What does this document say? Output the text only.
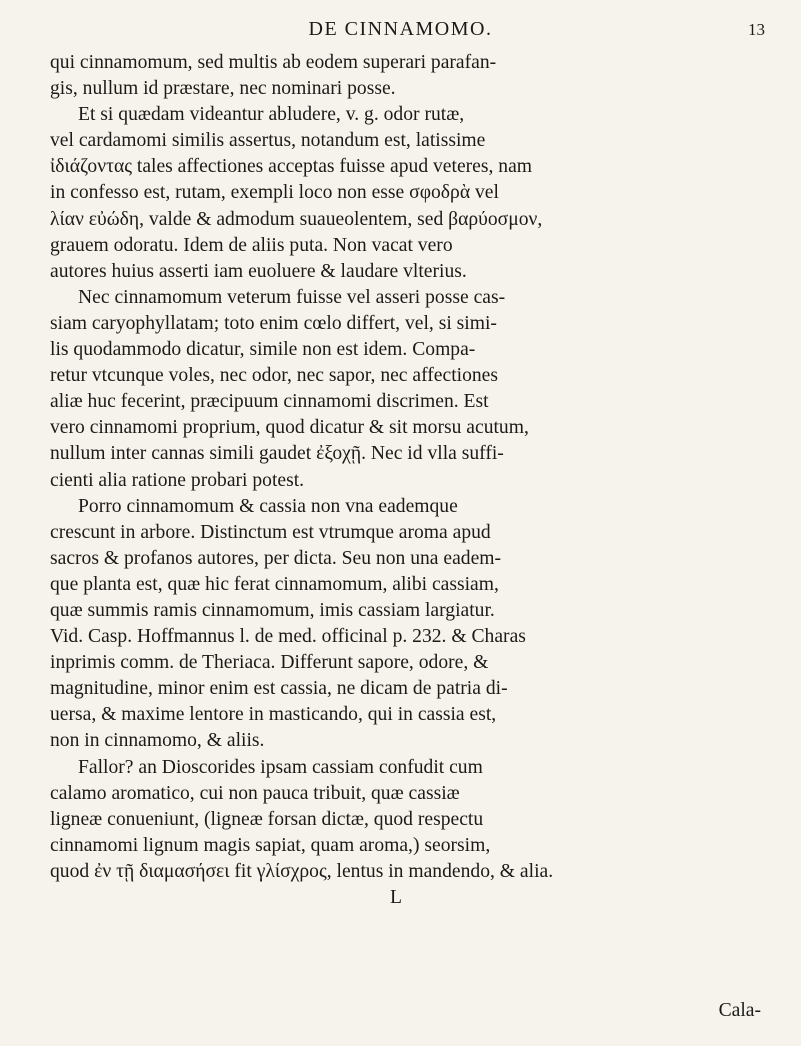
DE CINNAMOMO.	13
qui cinnamomum, sed multis ab eodem superari parafan-
gis, nullum id præstare, nec nominari posse.
Et si quædam videantur abludere, v. g. odor rutæ,
vel cardamomi similis assertus, notandum est, latissime
ἰδιάζοντας tales affectiones acceptas fuisse apud veteres, nam
in confesso est, rutam, exempli loco non esse σφοδρὰ vel
λίαν εὐώδη, valde & admodum suaueolentem, sed βαρύοσμον,
grauem odoratu. Idem de aliis puta. Non vacat vero
autores huius asserti iam euoluere & laudare vlterius.
Nec cinnamomum veterum fuisse vel asseri posse cas-
siam caryophyllatam; toto enim cœlo differt, vel, si simi-
lis quodammodo dicatur, simile non est idem. Compa-
retur vtcunque voles, nec odor, nec sapor, nec affectiones
aliæ huc fecerint, præcipuum cinnamomi discrimen. Est
vero cinnamomi proprium, quod dicatur & sit morsu acutum,
nullum inter cannas simili gaudet ἐξοχῇ. Nec id vlla suffi-
cienti alia ratione probari potest.
Porro cinnamomum & cassia non vna eademque
crescunt in arbore. Distinctum est vtrumque aroma apud
sacros & profanos autores, per dicta. Seu non una eadem-
que planta est, quæ hic ferat cinnamomum, alibi cassiam,
quæ summis ramis cinnamomum, imis cassiam largiatur.
Vid. Casp. Hoffmannus l. de med. officinal p. 232. & Charas
inprimis comm. de Theriaca. Differunt sapore, odore, &
magnitudine, minor enim est cassia, ne dicam de patria di-
uersa, & maxime lentore in masticando, qui in cassia est,
non in cinnamomo, & aliis.
Fallor? an Dioscorides ipsam cassiam confudit cum
calamo aromatico, cui non pauca tribuit, quæ cassiæ
ligneæ conueniunt, (ligneæ forsan dictæ, quod respectu
cinnamomi lignum magis sapiat, quam aroma,) seorsim,
quod ἐν τῇ διαμασήσει fit γλίσχρος, lentus in mandendo, & alia.
L
Cala-
